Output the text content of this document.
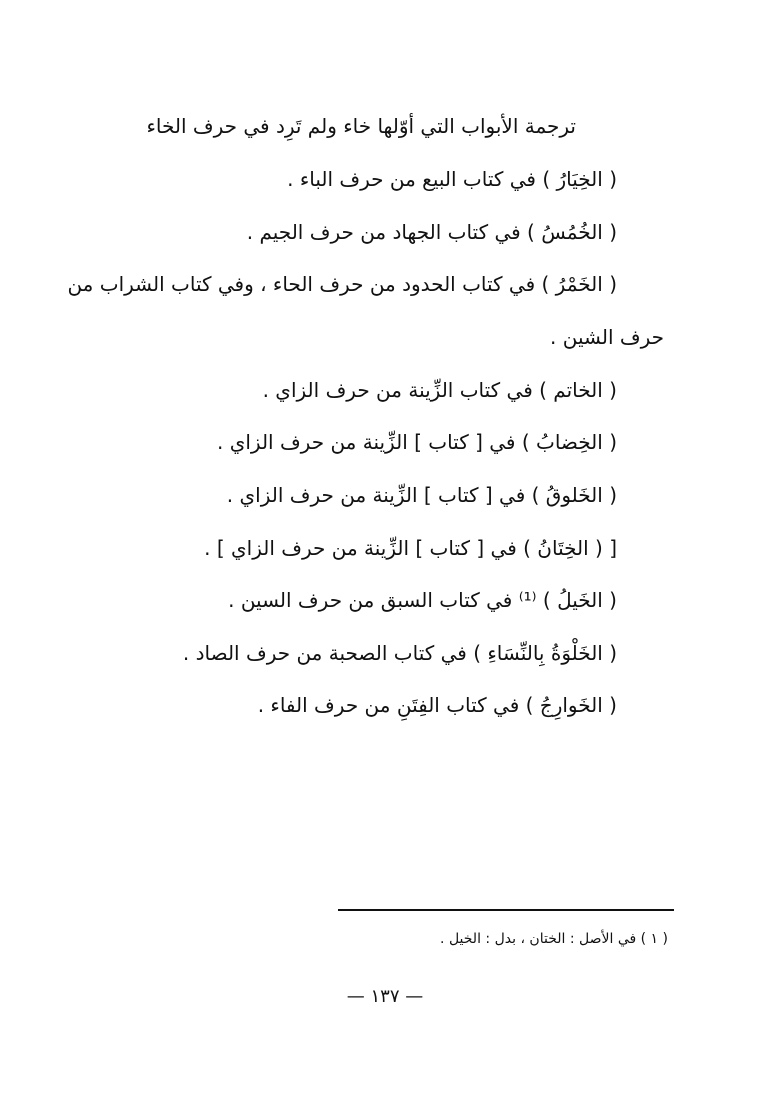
ترجمة الأبواب التي أوّلها خاء ولم تَرِد في حرف الخاء
( الخِيَارُ ) في كتاب البيع من حرف الباء .
( الخُمُسُ ) في كتاب الجهاد من حرف الجيم .
( الخَمْرُ ) في كتاب الحدود من حرف الحاء ، وفي كتاب الشراب من
حرف الشين .
( الخاتم ) في كتاب الزِّينة من حرف الزاي .
( الخِضابُ ) في [ كتاب ] الزِّينة من حرف الزاي .
( الخَلوقُ ) في [ كتاب ] الزِّينة من حرف الزاي .
[ ( الخِتَانُ ) في [ كتاب ] الزِّينة من حرف الزاي ] .
( الخَيلُ ) ⁽¹⁾ في كتاب السبق من حرف السين .
( الخَلْوَةُ بِالنِّسَاءِ ) في كتاب الصحبة من حرف الصاد .
( الخَوارِجُ ) في كتاب الفِتَنِ من حرف الفاء .
( ١ ) في الأصل : الختان ، بدل : الخيل .
— ١٣٧ —
